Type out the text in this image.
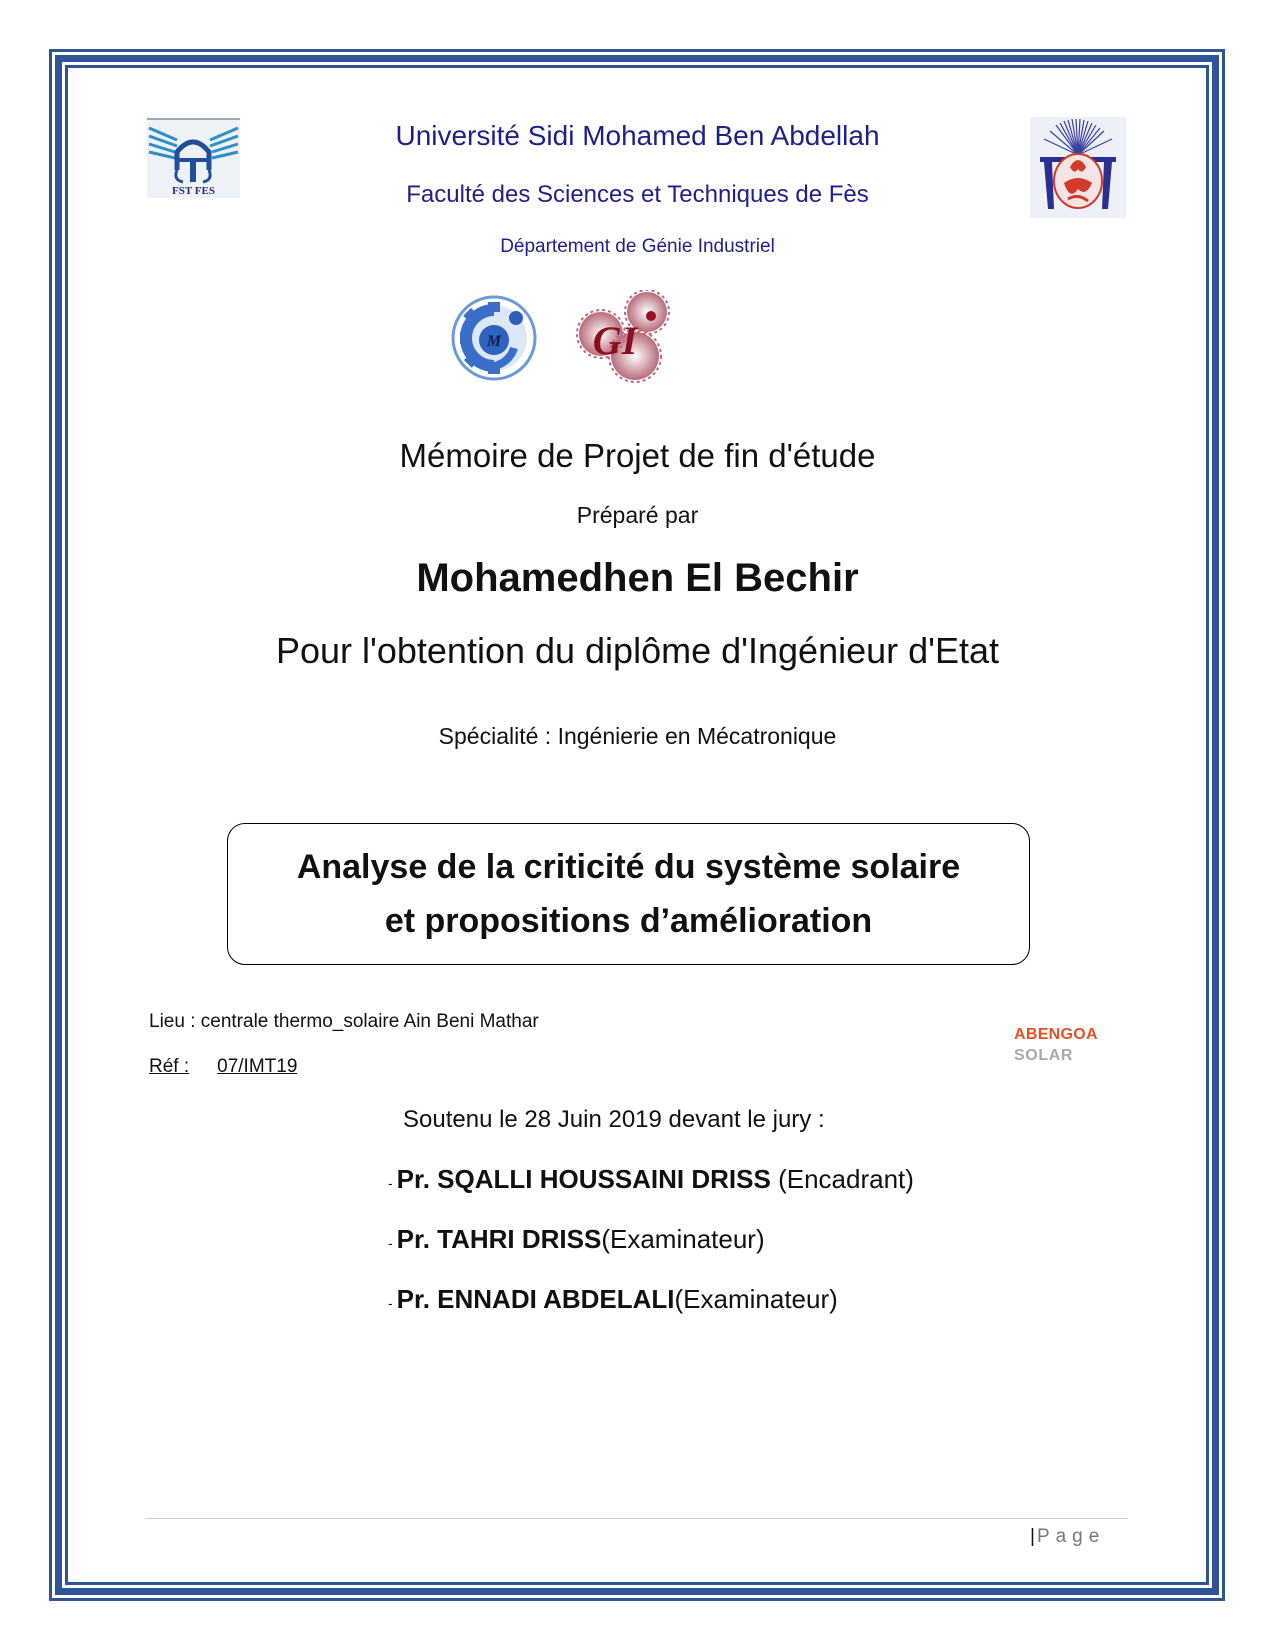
FST FES
Université Sidi Mohamed Ben Abdellah
Faculté des Sciences et Techniques de Fès
Département de Génie Industriel
M GI
Mémoire de Projet de fin d'étude
Préparé par
Mohamedhen El Bechir
Pour l'obtention du diplôme d'Ingénieur d'Etat
Spécialité : Ingénierie en Mécatronique
Analyse de la criticité du système solaire
et propositions d’amélioration
Lieu : centrale thermo_solaire Ain Beni Mathar
Réf : 07/IMT19
ABENGOA
SOLAR
Soutenu le 28 Juin 2019 devant le jury :
- Pr. SQALLI HOUSSAINI DRISS (Encadrant)
- Pr. TAHRI DRISS(Examinateur)
- Pr. ENNADI ABDELALI(Examinateur)
|Page
